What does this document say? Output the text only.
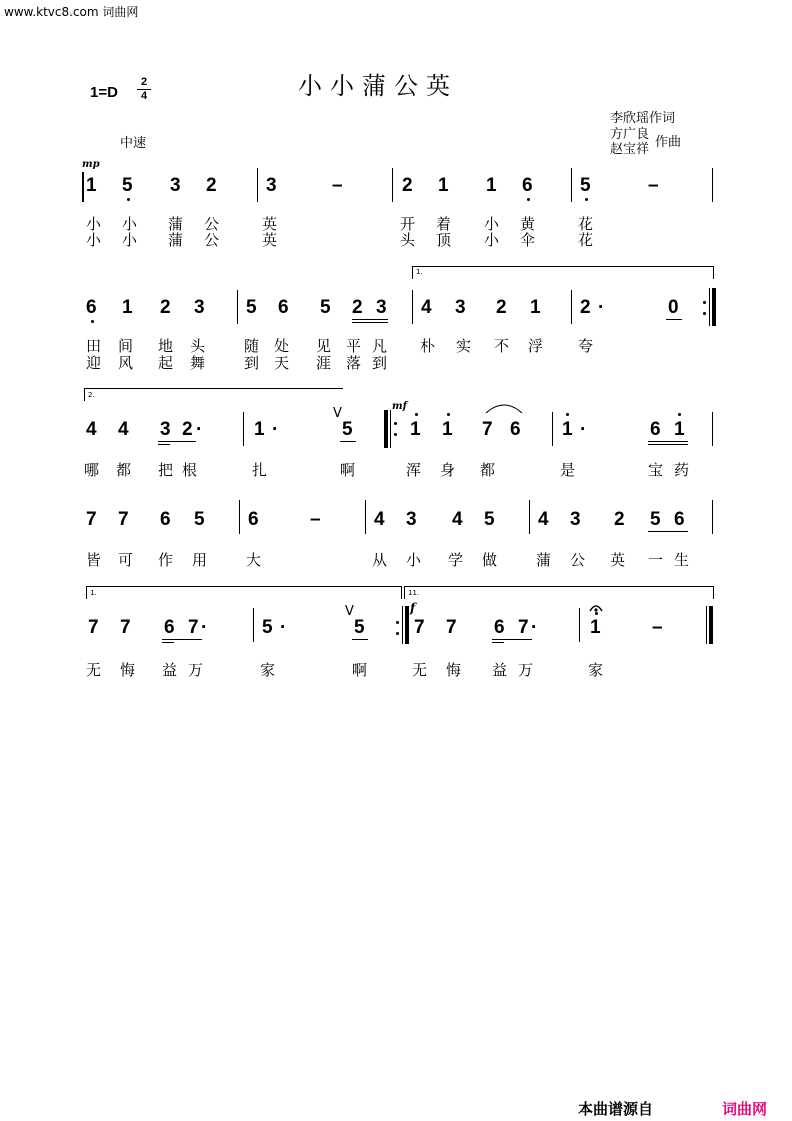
www.ktvc8.com 词曲网
小小蒲公英
1=D
2
4
中速
李欣瑶作词
方广良
赵宝祥 作曲
mp
1 5 3 2	3	–	2 1 1 6 5	–
小 小 蒲 公	英	开 着 小 黄	花
小 小 蒲 公	英	头 顶 小 伞	花
1.
6 1 2 3 5 6 5 2 3 4 3 2 1 2 ·	0
田 间 地 头	随 处 见 平 凡 朴 实 不 浮 夸
迎 风 起 舞	到 天 涯 落 到
2.
4 4 3 2 ·	1 ·
V
5
mf
1 1 7 6 1 ·	6 1
哪 都 把 根	扎	啊	浑 身 都	是	宝 药
7 7 6 5 6	–	4 3 4 5 4 3 2 5 6
皆 可 作 用	大	从 小 学 做	蒲 公 英 一 生
1.	11.
7 7 6 7 ·	5 ·
V
5
f
7 7 6 7 ·	1	–
无 悔 益 万	家	啊	无 悔 益 万	家
本曲谱源自	词曲网
